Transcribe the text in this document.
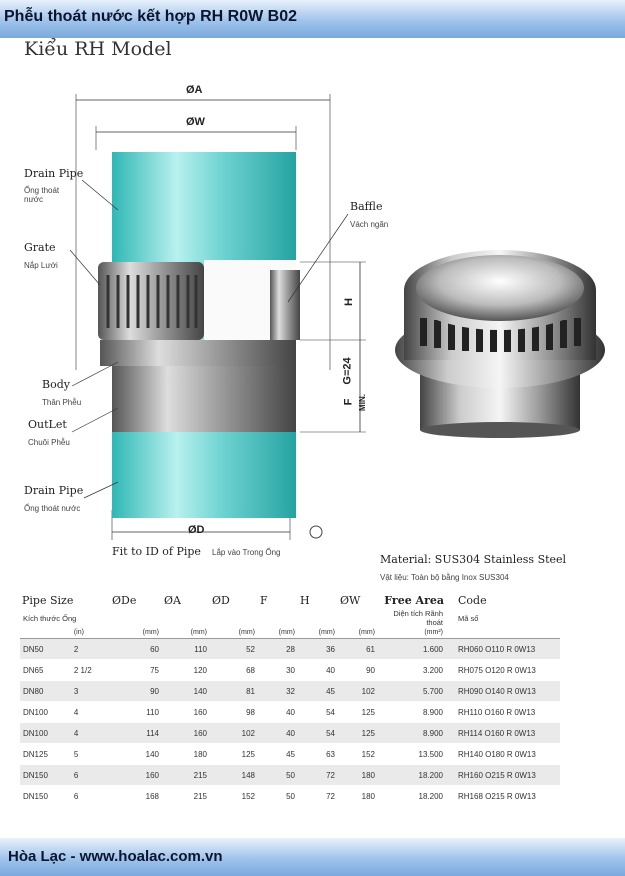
Phễu thoát nước kết hợp RH R0W B02
Kiểu RH Model
ØA
ØW
ØD
H
G=24
F MIN.
Drain Pipe
Ống thoát nước
Grate
Nắp Lưới
Body
Thân Phễu
OutLet
Chuôi Phễu
Drain Pipe
Ống thoát nước
Baffle
Vách ngăn
Fit to ID of Pipe Lắp vào Trong Ống
Material: SUS304 Stainless Steel
Vật liệu: Toàn bộ bằng Inox SUS304
Pipe Size		ØDe	ØA	ØD	F	H	ØW	Free Area	Code
Kích thước Ống								Diện tích Rãnh thoát	Mã số
	(in)	(mm)	(mm)	(mm)	(mm)	(mm)	(mm)	(mm²)	
DN50	2	60	110	52	28	36	61	1.600	RH060 O110 R 0W13
DN65	2 1/2	75	120	68	30	40	90	3.200	RH075 O120 R 0W13
DN80	3	90	140	81	32	45	102	5.700	RH090 O140 R 0W13
DN100	4	110	160	98	40	54	125	8.900	RH110 O160 R 0W13
DN100	4	114	160	102	40	54	125	8.900	RH114 O160 R 0W13
DN125	5	140	180	125	45	63	152	13.500	RH140 O180 R 0W13
DN150	6	160	215	148	50	72	180	18.200	RH160 O215 R 0W13
DN150	6	168	215	152	50	72	180	18.200	RH168 O215 R 0W13
Hòa Lạc - www.hoalac.com.vn
